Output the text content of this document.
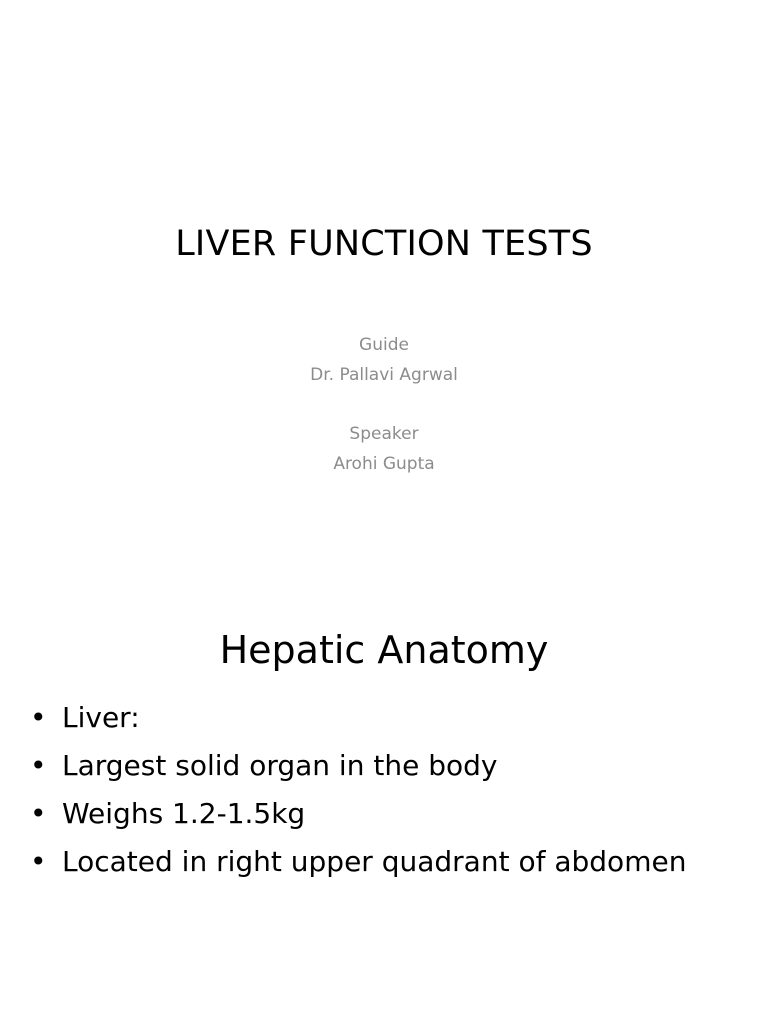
LIVER FUNCTION TESTS
Guide
Dr. Pallavi Agrwal
Speaker
Arohi Gupta
Hepatic Anatomy
• Liver:
• Largest solid organ in the body
• Weighs 1.2-1.5kg
• Located in right upper quadrant of abdomen
